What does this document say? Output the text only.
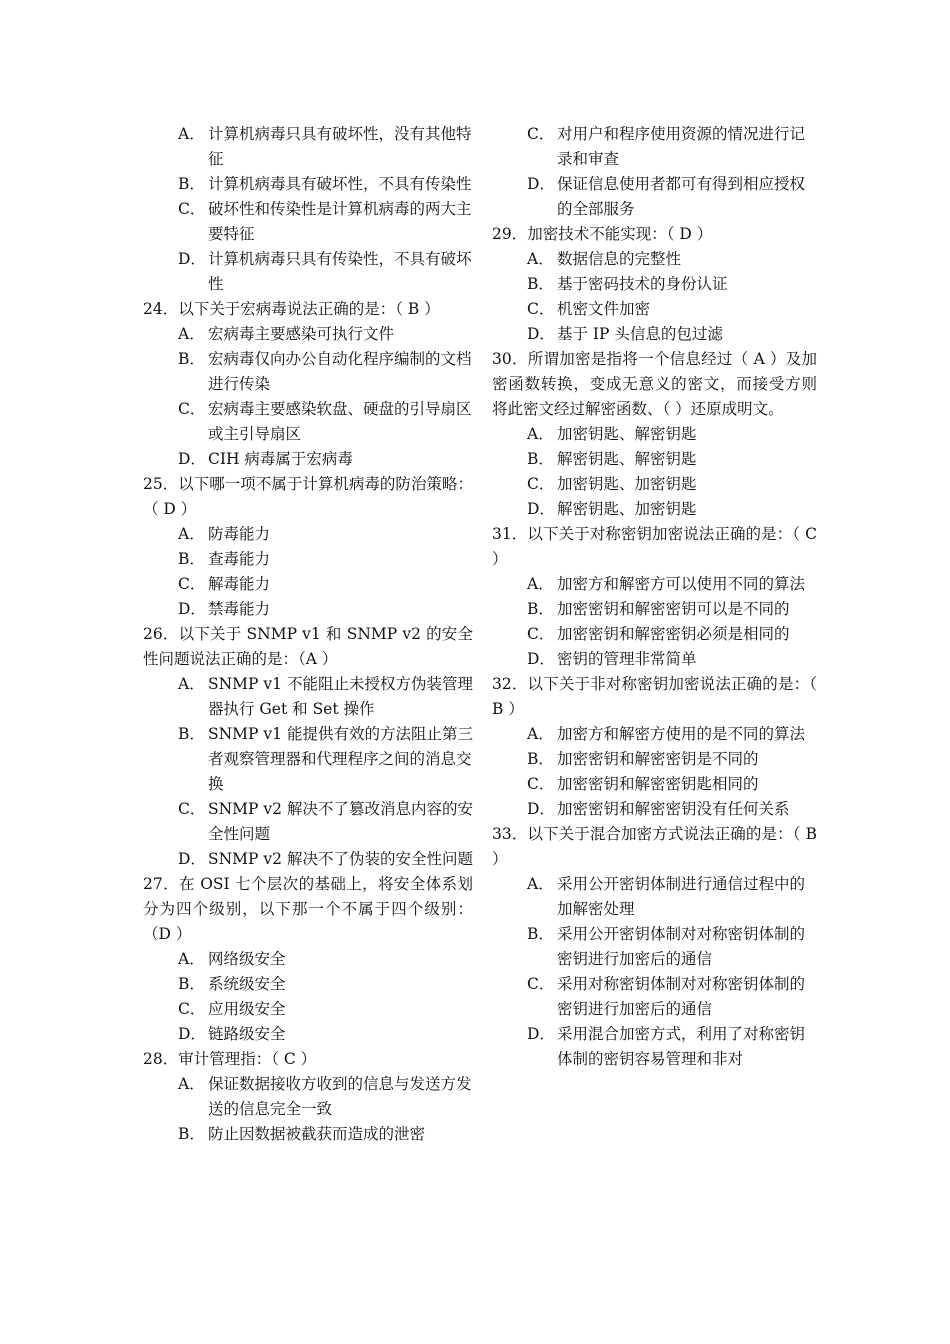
A． 计算机病毒只具有破坏性，没有其他特征
B． 计算机病毒具有破坏性，不具有传染性
C． 破坏性和传染性是计算机病毒的两大主要特征
D． 计算机病毒只具有传染性，不具有破坏性

24．以下关于宏病毒说法正确的是：（ B ）

A． 宏病毒主要感染可执行文件
B． 宏病毒仅向办公自动化程序编制的文档进行传染
C． 宏病毒主要感染软盘、硬盘的引导扇区或主引导扇区
D． CIH 病毒属于宏病毒

25．以下哪一项不属于计算机病毒的防治策略：（ D ）

A． 防毒能力
B． 查毒能力
C． 解毒能力
D． 禁毒能力

26．以下关于 SNMP v1 和 SNMP v2 的安全性问题说法正确的是：（A ）

A． SNMP v1 不能阻止未授权方伪装管理器执行 Get 和 Set 操作
B． SNMP v1 能提供有效的方法阻止第三者观察管理器和代理程序之间的消息交换
C． SNMP v2 解决不了篡改消息内容的安全性问题
D． SNMP v2 解决不了伪装的安全性问题

27．在 OSI 七个层次的基础上，将安全体系划分为四个级别，以下那一个不属于四个级别：（D ）

A． 网络级安全
B． 系统级安全
C． 应用级安全
D． 链路级安全

28．审计管理指：（ C ）

A． 保证数据接收方收到的信息与发送方发送的信息完全一致
B． 防止因数据被截获而造成的泄密
C． 对用户和程序使用资源的情况进行记录和审查
D． 保证信息使用者都可有得到相应授权的全部服务

29．加密技术不能实现：（ D ）

A． 数据信息的完整性
B． 基于密码技术的身份认证
C． 机密文件加密
D． 基于 IP 头信息的包过滤

30．所谓加密是指将一个信息经过（ A ）及加密函数转换，变成无意义的密文，而接受方则将此密文经过解密函数、（ ）还原成明文。

A． 加密钥匙、解密钥匙
B． 解密钥匙、解密钥匙
C． 加密钥匙、加密钥匙
D． 解密钥匙、加密钥匙

31．以下关于对称密钥加密说法正确的是：（ C ）

A． 加密方和解密方可以使用不同的算法
B． 加密密钥和解密密钥可以是不同的
C． 加密密钥和解密密钥必须是相同的
D． 密钥的管理非常简单

32．以下关于非对称密钥加密说法正确的是：（ B ）

A． 加密方和解密方使用的是不同的算法
B． 加密密钥和解密密钥是不同的
C． 加密密钥和解密密钥匙相同的
D． 加密密钥和解密密钥没有任何关系

33．以下关于混合加密方式说法正确的是：（ B ）

A． 采用公开密钥体制进行通信过程中的加解密处理
B． 采用公开密钥体制对对称密钥体制的密钥进行加密后的通信
C． 采用对称密钥体制对对称密钥体制的密钥进行加密后的通信
D． 采用混合加密方式，利用了对称密钥体制的密钥容易管理和非对
